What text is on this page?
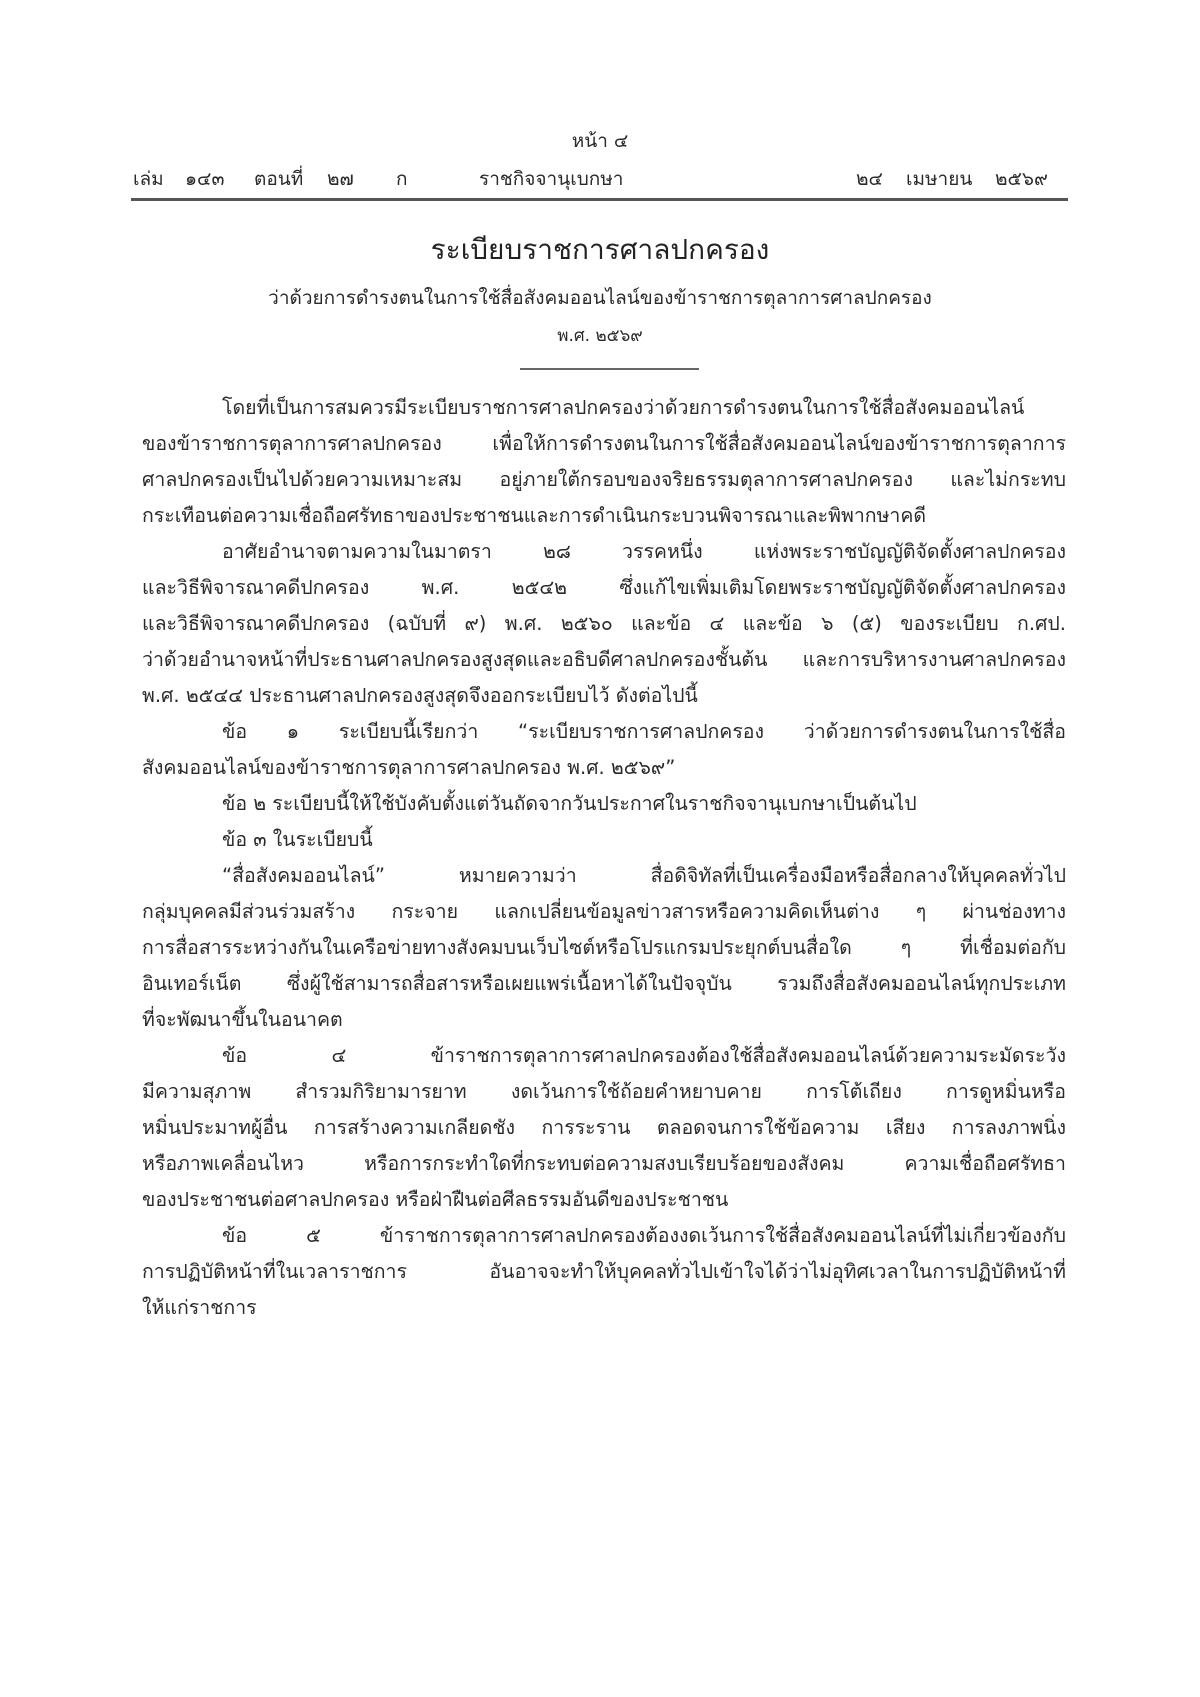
หน้า ๔
เล่ม ๑๔๓ ตอนที่ ๒๗ ก	ราชกิจจานุเบกษา	๒๔ เมษายน ๒๕๖๙
ระเบียบราชการศาลปกครอง
ว่าด้วยการดำรงตนในการใช้สื่อสังคมออนไลน์ของข้าราชการตุลาการศาลปกครอง
พ.ศ. ๒๕๖๙
โดยที่เป็นการสมควรมีระเบียบราชการศาลปกครองว่าด้วยการดำรงตนในการใช้สื่อสังคมออนไลน์
ของข้าราชการตุลาการศาลปกครอง เพื่อให้การดำรงตนในการใช้สื่อสังคมออนไลน์ของข้าราชการตุลาการ
ศาลปกครองเป็นไปด้วยความเหมาะสม อยู่ภายใต้กรอบของจริยธรรมตุลาการศาลปกครอง และไม่กระทบ
กระเทือนต่อความเชื่อถือศรัทธาของประชาชนและการดำเนินกระบวนพิจารณาและพิพากษาคดี
อาศัยอำนาจตามความในมาตรา ๒๘ วรรคหนึ่ง แห่งพระราชบัญญัติจัดตั้งศาลปกครอง
และวิธีพิจารณาคดีปกครอง พ.ศ. ๒๕๔๒ ซึ่งแก้ไขเพิ่มเติมโดยพระราชบัญญัติจัดตั้งศาลปกครอง
และวิธีพิจารณาคดีปกครอง (ฉบับที่ ๙) พ.ศ. ๒๕๖๐ และข้อ ๔ และข้อ ๖ (๕) ของระเบียบ ก.ศป.
ว่าด้วยอำนาจหน้าที่ประธานศาลปกครองสูงสุดและอธิบดีศาลปกครองชั้นต้น และการบริหารงานศาลปกครอง
พ.ศ. ๒๕๔๔ ประธานศาลปกครองสูงสุดจึงออกระเบียบไว้ ดังต่อไปนี้
ข้อ ๑ ระเบียบนี้เรียกว่า “ระเบียบราชการศาลปกครอง ว่าด้วยการดำรงตนในการใช้สื่อ
สังคมออนไลน์ของข้าราชการตุลาการศาลปกครอง พ.ศ. ๒๕๖๙”
ข้อ ๒ ระเบียบนี้ให้ใช้บังคับตั้งแต่วันถัดจากวันประกาศในราชกิจจานุเบกษาเป็นต้นไป
ข้อ ๓ ในระเบียบนี้
“สื่อสังคมออนไลน์” หมายความว่า สื่อดิจิทัลที่เป็นเครื่องมือหรือสื่อกลางให้บุคคลทั่วไป
กลุ่มบุคคลมีส่วนร่วมสร้าง กระจาย แลกเปลี่ยนข้อมูลข่าวสารหรือความคิดเห็นต่าง ๆ ผ่านช่องทาง
การสื่อสารระหว่างกันในเครือข่ายทางสังคมบนเว็บไซต์หรือโปรแกรมประยุกต์บนสื่อใด ๆ ที่เชื่อมต่อกับ
อินเทอร์เน็ต ซึ่งผู้ใช้สามารถสื่อสารหรือเผยแพร่เนื้อหาได้ในปัจจุบัน รวมถึงสื่อสังคมออนไลน์ทุกประเภท
ที่จะพัฒนาขึ้นในอนาคต
ข้อ ๔ ข้าราชการตุลาการศาลปกครองต้องใช้สื่อสังคมออนไลน์ด้วยความระมัดระวัง
มีความสุภาพ สำรวมกิริยามารยาท งดเว้นการใช้ถ้อยคำหยาบคาย การโต้เถียง การดูหมิ่นหรือ
หมิ่นประมาทผู้อื่น การสร้างความเกลียดชัง การระราน ตลอดจนการใช้ข้อความ เสียง การลงภาพนิ่ง
หรือภาพเคลื่อนไหว หรือการกระทำใดที่กระทบต่อความสงบเรียบร้อยของสังคม ความเชื่อถือศรัทธา
ของประชาชนต่อศาลปกครอง หรือฝ่าฝืนต่อศีลธรรมอันดีของประชาชน
ข้อ ๕ ข้าราชการตุลาการศาลปกครองต้องงดเว้นการใช้สื่อสังคมออนไลน์ที่ไม่เกี่ยวข้องกับ
การปฏิบัติหน้าที่ในเวลาราชการ อันอาจจะทำให้บุคคลทั่วไปเข้าใจได้ว่าไม่อุทิศเวลาในการปฏิบัติหน้าที่
ให้แก่ราชการ
